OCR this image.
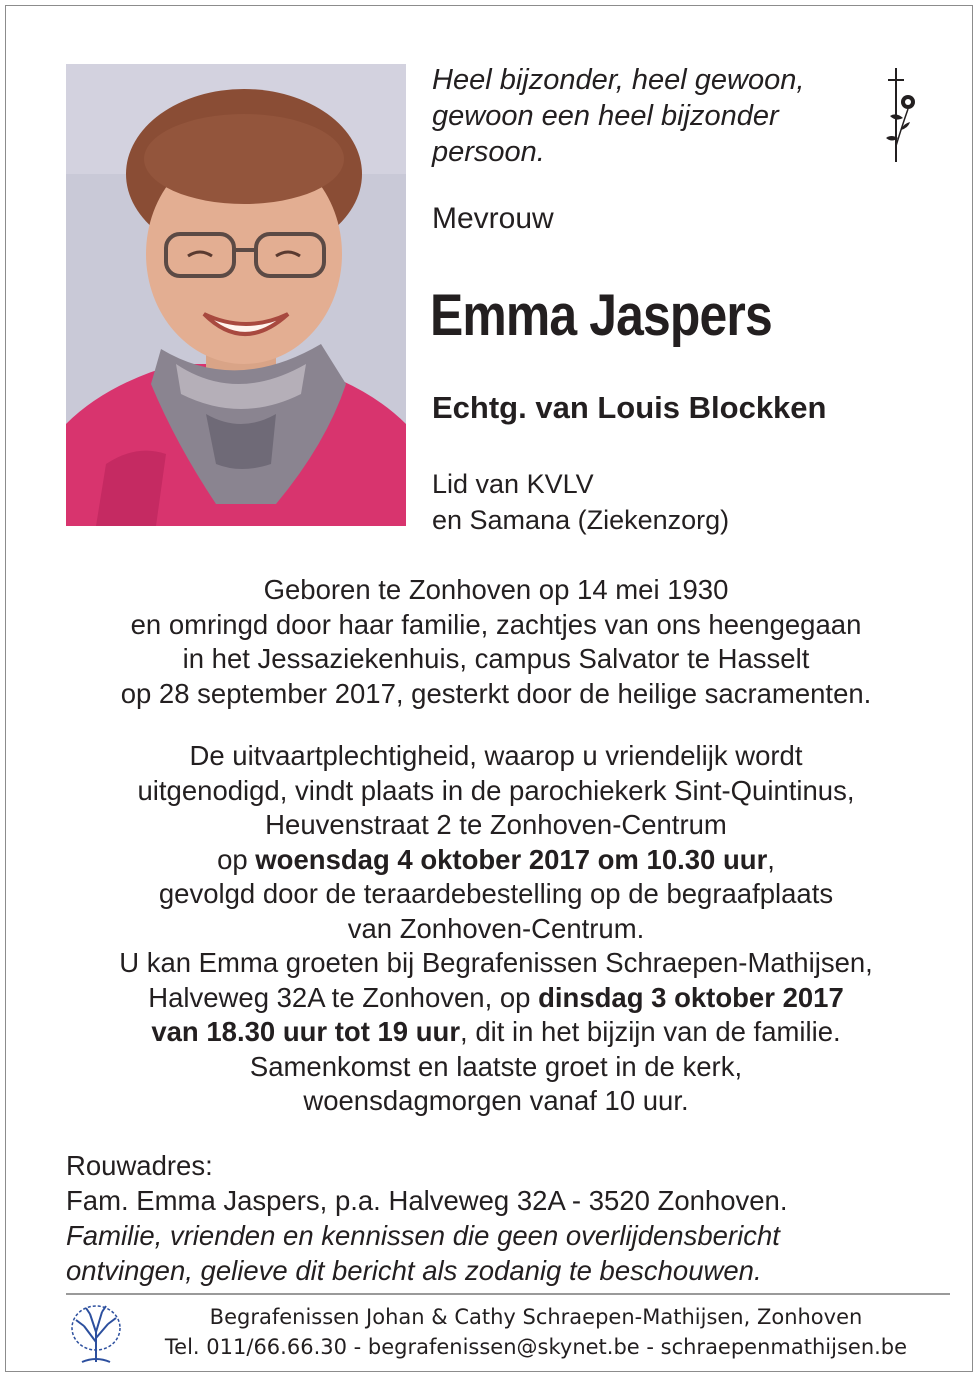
Heel bijzonder, heel gewoon,
gewoon een heel bijzonder
persoon.
Mevrouw
Emma Jaspers
Echtg. van Louis Blockken
Lid van KVLV
en Samana (Ziekenzorg)
Geboren te Zonhoven op 14 mei 1930
en omringd door haar familie, zachtjes van ons heengegaan
in het Jessaziekenhuis, campus Salvator te Hasselt
op 28 september 2017, gesterkt door de heilige sacramenten.
De uitvaartplechtigheid, waarop u vriendelijk wordt
uitgenodigd, vindt plaats in de parochiekerk Sint-Quintinus,
Heuvenstraat 2 te Zonhoven-Centrum
op woensdag 4 oktober 2017 om 10.30 uur,
gevolgd door de teraardebestelling op de begraafplaats
van Zonhoven-Centrum.
U kan Emma groeten bij Begrafenissen Schraepen-Mathijsen,
Halveweg 32A te Zonhoven, op dinsdag 3 oktober 2017
van 18.30 uur tot 19 uur, dit in het bijzijn van de familie.
Samenkomst en laatste groet in de kerk,
woensdagmorgen vanaf 10 uur.
Rouwadres:
Fam. Emma Jaspers, p.a. Halveweg 32A - 3520 Zonhoven.
Familie, vrienden en kennissen die geen overlijdensbericht
ontvingen, gelieve dit bericht als zodanig te beschouwen.
Begrafenissen Johan & Cathy Schraepen-Mathijsen, Zonhoven
Tel. 011/66.66.30 - begrafenissen@skynet.be - schraepenmathijsen.be
